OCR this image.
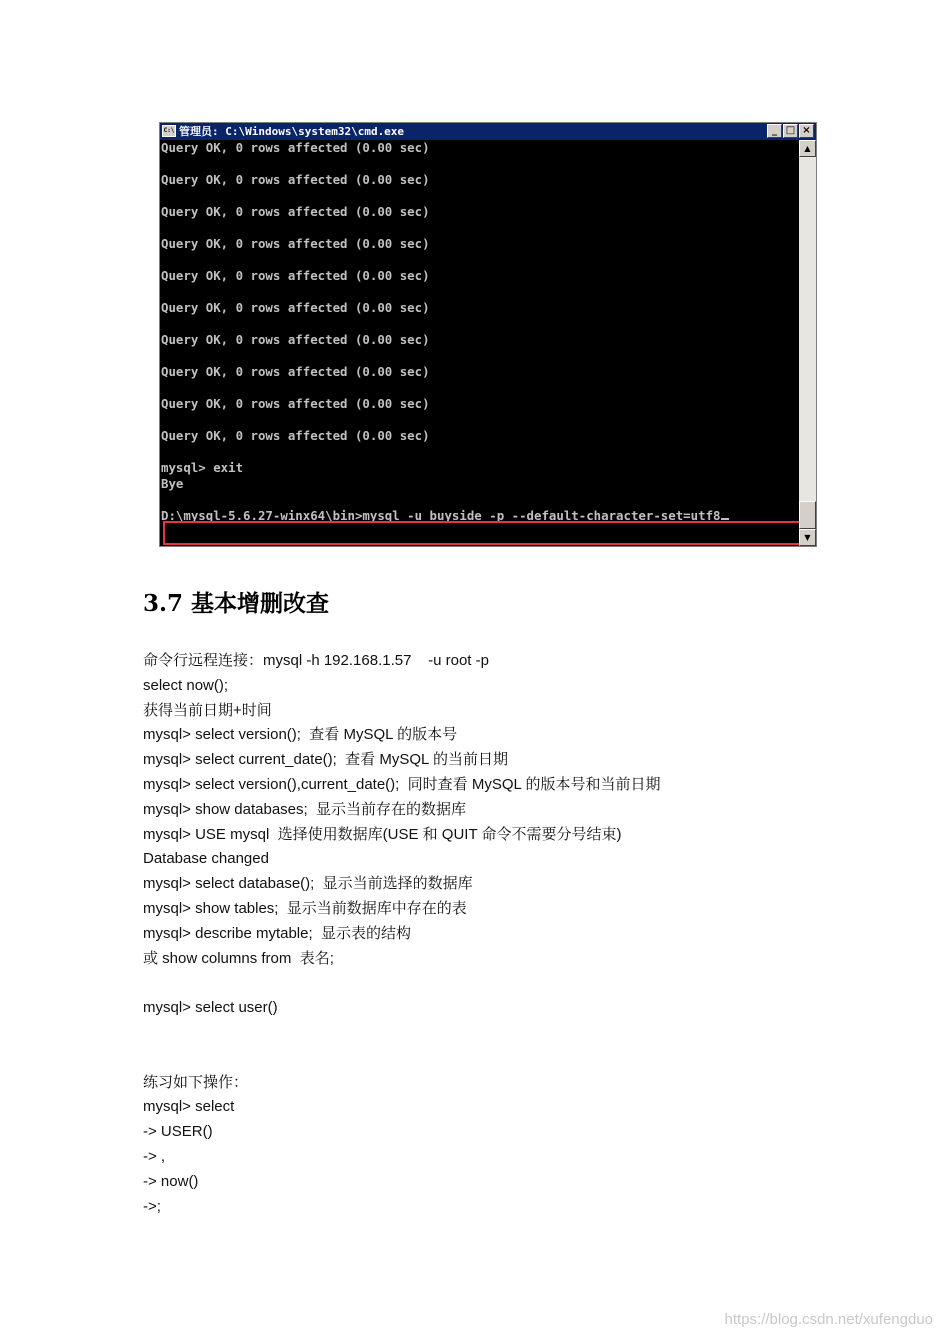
C:\ 管理员: C:\Windows\system32\cmd.exe	_ □ ×
Query OK, 0 rows affected (0.00 sec)
Query OK, 0 rows affected (0.00 sec)
Query OK, 0 rows affected (0.00 sec)
Query OK, 0 rows affected (0.00 sec)
Query OK, 0 rows affected (0.00 sec)
Query OK, 0 rows affected (0.00 sec)
Query OK, 0 rows affected (0.00 sec)
Query OK, 0 rows affected (0.00 sec)
Query OK, 0 rows affected (0.00 sec)
Query OK, 0 rows affected (0.00 sec)
mysql> exit
Bye
D:\mysql-5.6.27-winx64\bin>mysql -u buyside -p --default-character-set=utf8
▲
▼
3.7 基本增删改查
命令行远程连接：mysql -h 192.168.1.57    -u root -p
select now();
获得当前日期+时间
mysql> select version();  查看 MySQL 的版本号
mysql> select current_date();  查看 MySQL 的当前日期
mysql> select version(),current_date();  同时查看 MySQL 的版本号和当前日期
mysql> show databases;  显示当前存在的数据库
mysql> USE mysql  选择使用数据库(USE 和 QUIT 命令不需要分号结束)
Database changed
mysql> select database();  显示当前选择的数据库
mysql> show tables;  显示当前数据库中存在的表
mysql> describe mytable;  显示表的结构
或 show columns from  表名;
mysql> select user()
练习如下操作：
mysql> select
-> USER()
-> ,
-> now()
->;
https://blog.csdn.net/xufengduo
